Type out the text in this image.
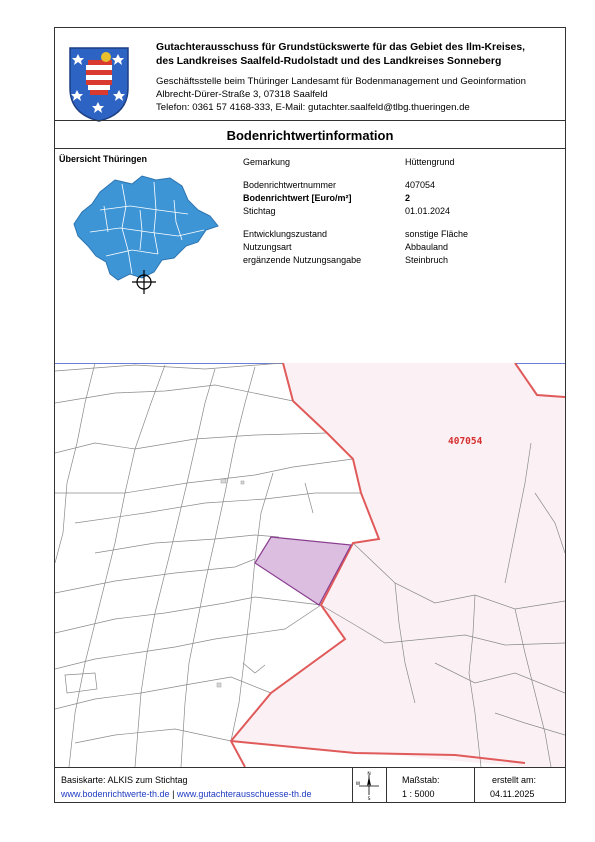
Gutachterausschuss für Grundstückswerte für das Gebiet des Ilm-Kreises,
des Landkreises Saalfeld-Rudolstadt und des Landkreises Sonneberg
Geschäftsstelle beim Thüringer Landesamt für Bodenmanagement und Geoinformation
Albrecht-Dürer-Straße 3, 07318 Saalfeld
Telefon: 0361 57 4168-333, E-Mail: gutachter.saalfeld@tlbg.thueringen.de
Bodenrichtwertinformation
Übersicht Thüringen	Gemarkung	Hüttengrund
Bodenrichtwertnummer	407054
Bodenrichtwert [Euro/m²]	2
Stichtag	01.01.2024
Entwicklungszustand	sonstige Fläche
Nutzungsart	Abbauland
ergänzende Nutzungsangabe	Steinbruch
407054
Basiskarte: ALKIS zum Stichtag
www.bodenrichtwerte-th.de | www.gutachterausschuesse-th.de
N
W
S
Maßstab:
1 : 5000
erstellt am:
04.11.2025
